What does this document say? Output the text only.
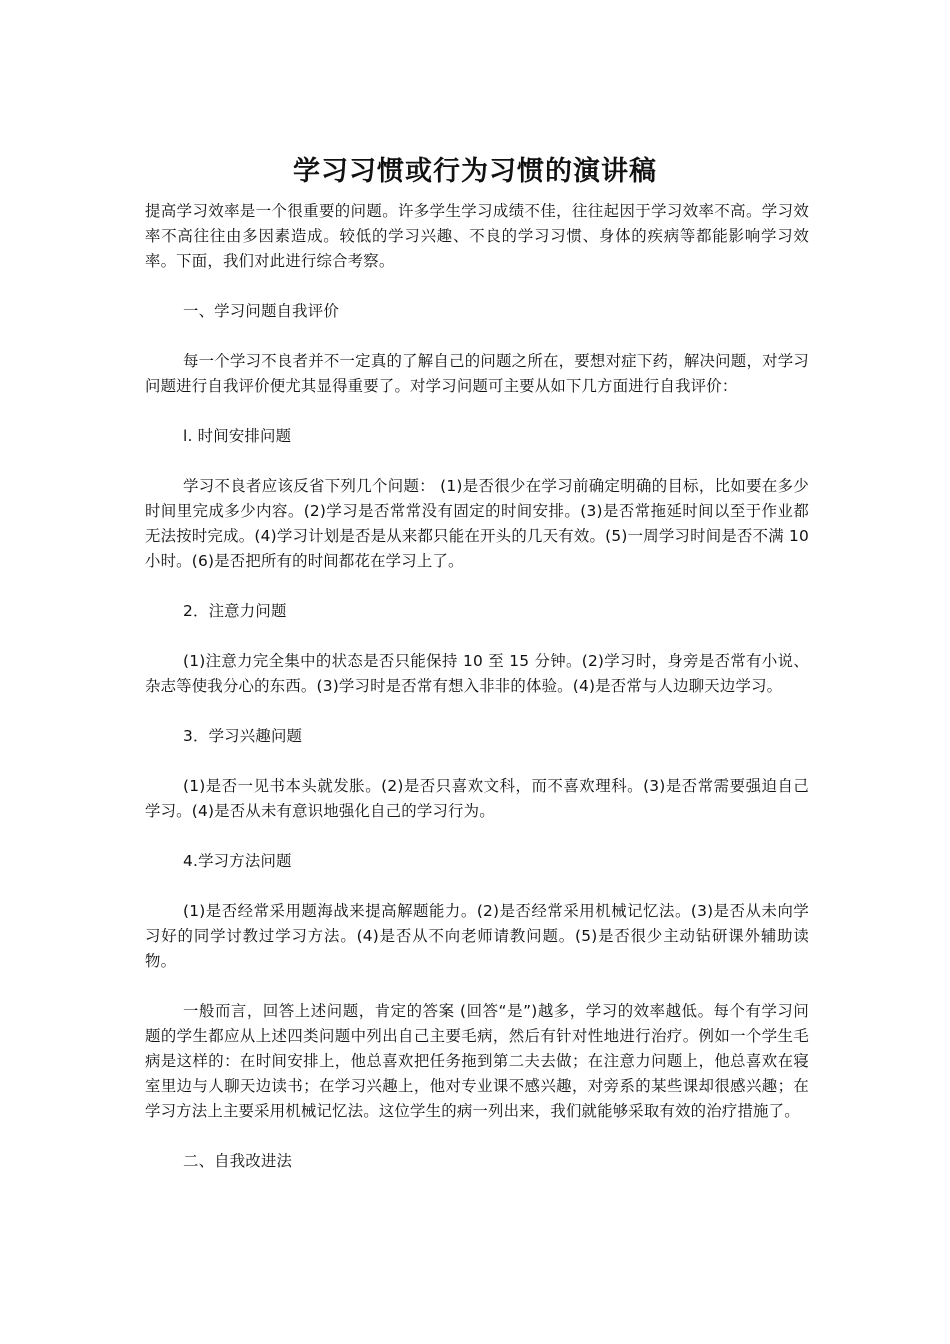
学习习惯或行为习惯的演讲稿

提高学习效率是一个很重要的问题。许多学生学习成绩不佳，往往起因于学习效率不高。学习效率不高往往由多因素造成。较低的学习兴趣、不良的学习习惯、身体的疾病等都能影响学习效率。下面，我们对此进行综合考察。

一、学习问题自我评价

每一个学习不良者并不一定真的了解自己的问题之所在，要想对症下药，解决问题，对学习问题进行自我评价便尤其显得重要了。对学习问题可主要从如下几方面进行自我评价：

l. 时间安排问题

学习不良者应该反省下列几个问题： (1)是否很少在学习前确定明确的目标，比如要在多少时间里完成多少内容。(2)学习是否常常没有固定的时间安排。(3)是否常拖延时间以至于作业都无法按时完成。(4)学习计划是否是从来都只能在开头的几天有效。(5)一周学习时间是否不满 10 小时。(6)是否把所有的时间都花在学习上了。

2．注意力问题

(1)注意力完全集中的状态是否只能保持 10 至 15 分钟。(2)学习时，身旁是否常有小说、杂志等使我分心的东西。(3)学习时是否常有想入非非的体验。(4)是否常与人边聊天边学习。

3．学习兴趣问题

(1)是否一见书本头就发胀。(2)是否只喜欢文科，而不喜欢理科。(3)是否常需要强迫自己学习。(4)是否从未有意识地强化自己的学习行为。

4.学习方法问题

(1)是否经常采用题海战来提高解题能力。(2)是否经常采用机械记忆法。(3)是否从未向学习好的同学讨教过学习方法。(4)是否从不向老师请教问题。(5)是否很少主动钻研课外辅助读物。

一般而言，回答上述问题，肯定的答案 (回答“是”)越多，学习的效率越低。每个有学习问题的学生都应从上述四类问题中列出自己主要毛病，然后有针对性地进行治疗。例如一个学生毛病是这样的：在时间安排上，他总喜欢把任务拖到第二夫去做；在注意力问题上，他总喜欢在寝室里边与人聊天边读书；在学习兴趣上，他对专业课不感兴趣，对旁系的某些课却很感兴趣；在学习方法上主要采用机械记忆法。这位学生的病一列出来，我们就能够采取有效的治疗措施了。

二、自我改进法
